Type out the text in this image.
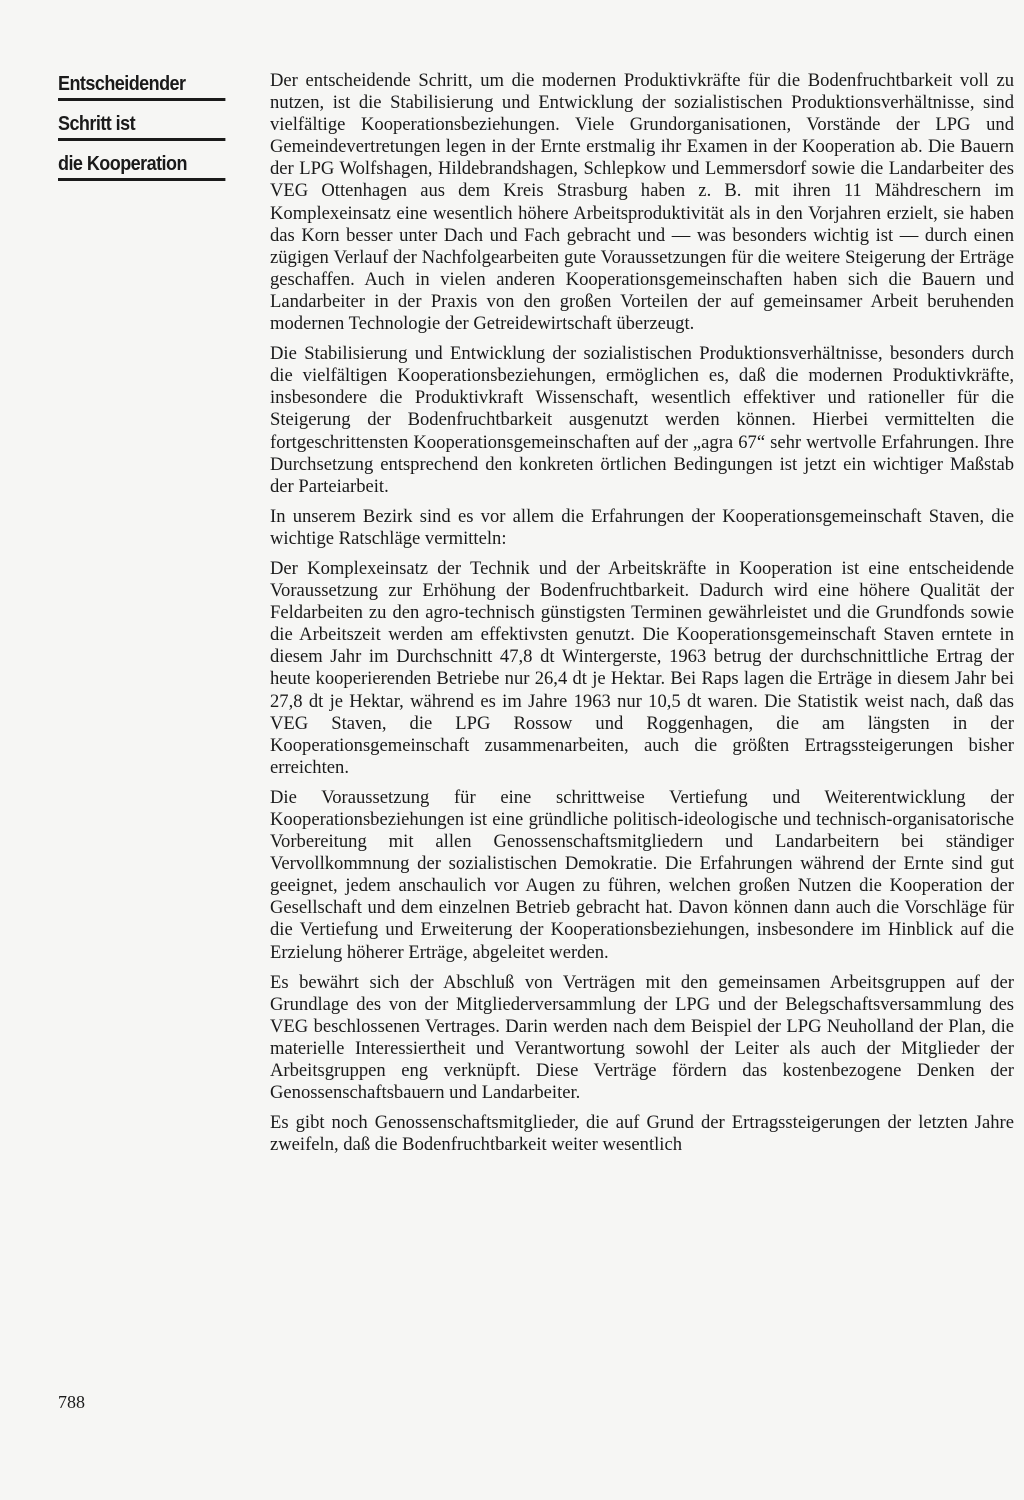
Entscheidender
Schritt ist
die Kooperation

Der entscheidende Schritt, um die modernen Produktivkräfte für die Bodenfruchtbarkeit voll zu nutzen, ist die Stabilisierung und Entwicklung der sozialistischen Produktionsverhältnisse, sind vielfältige Kooperationsbeziehungen. Viele Grundorganisationen, Vorstände der LPG und Gemeindevertretungen legen in der Ernte erstmalig ihr Examen in der Kooperation ab. Die Bauern der LPG Wolfshagen, Hildebrandshagen, Schlepkow und Lemmersdorf sowie die Landarbeiter des VEG Ottenhagen aus dem Kreis Strasburg haben z. B. mit ihren 11 Mähdreschern im Komplexeinsatz eine wesentlich höhere Arbeitsproduktivität als in den Vorjahren erzielt, sie haben das Korn besser unter Dach und Fach gebracht und — was besonders wichtig ist — durch einen zügigen Verlauf der Nachfolgearbeiten gute Voraussetzungen für die weitere Steigerung der Erträge geschaffen. Auch in vielen anderen Kooperationsgemeinschaften haben sich die Bauern und Landarbeiter in der Praxis von den großen Vorteilen der auf gemeinsamer Arbeit beruhenden modernen Technologie der Getreidewirtschaft überzeugt.

Die Stabilisierung und Entwicklung der sozialistischen Produktionsverhältnisse, besonders durch die vielfältigen Kooperationsbeziehungen, ermöglichen es, daß die modernen Produktivkräfte, insbesondere die Produktivkraft Wissenschaft, wesentlich effektiver und rationeller für die Steigerung der Bodenfruchtbarkeit ausgenutzt werden können. Hierbei vermittelten die fortgeschrittensten Kooperationsgemeinschaften auf der „agra 67“ sehr wertvolle Erfahrungen. Ihre Durchsetzung entsprechend den konkreten örtlichen Bedingungen ist jetzt ein wichtiger Maßstab der Parteiarbeit.

In unserem Bezirk sind es vor allem die Erfahrungen der Kooperationsgemeinschaft Staven, die wichtige Ratschläge vermitteln:

Der Komplexeinsatz der Technik und der Arbeitskräfte in Kooperation ist eine entscheidende Voraussetzung zur Erhöhung der Bodenfruchtbarkeit. Dadurch wird eine höhere Qualität der Feldarbeiten zu den agro-technisch günstigsten Terminen gewährleistet und die Grundfonds sowie die Arbeitszeit werden am effektivsten genutzt. Die Kooperationsgemeinschaft Staven erntete in diesem Jahr im Durchschnitt 47,8 dt Wintergerste, 1963 betrug der durchschnittliche Ertrag der heute kooperierenden Betriebe nur 26,4 dt je Hektar. Bei Raps lagen die Erträge in diesem Jahr bei 27,8 dt je Hektar, während es im Jahre 1963 nur 10,5 dt waren. Die Statistik weist nach, daß das VEG Staven, die LPG Rossow und Roggenhagen, die am längsten in der Kooperationsgemeinschaft zusammenarbeiten, auch die größten Ertragssteigerungen bisher erreichten.

Die Voraussetzung für eine schrittweise Vertiefung und Weiterentwicklung der Kooperationsbeziehungen ist eine gründliche politisch-ideologische und technisch-organisatorische Vorbereitung mit allen Genossenschaftsmitgliedern und Landarbeitern bei ständiger Vervollkommnung der sozialistischen Demokratie. Die Erfahrungen während der Ernte sind gut geeignet, jedem anschaulich vor Augen zu führen, welchen großen Nutzen die Kooperation der Gesellschaft und dem einzelnen Betrieb gebracht hat. Davon können dann auch die Vorschläge für die Vertiefung und Erweiterung der Kooperationsbeziehungen, insbesondere im Hinblick auf die Erzielung höherer Erträge, abgeleitet werden.

Es bewährt sich der Abschluß von Verträgen mit den gemeinsamen Arbeitsgruppen auf der Grundlage des von der Mitgliederversammlung der LPG und der Belegschaftsversammlung des VEG beschlossenen Vertrages. Darin werden nach dem Beispiel der LPG Neuholland der Plan, die materielle Interessiertheit und Verantwortung sowohl der Leiter als auch der Mitglieder der Arbeitsgruppen eng verknüpft. Diese Verträge fördern das kostenbezogene Denken der Genossenschaftsbauern und Landarbeiter.

Es gibt noch Genossenschaftsmitglieder, die auf Grund der Ertragssteigerungen der letzten Jahre zweifeln, daß die Bodenfruchtbarkeit weiter wesentlich

788
